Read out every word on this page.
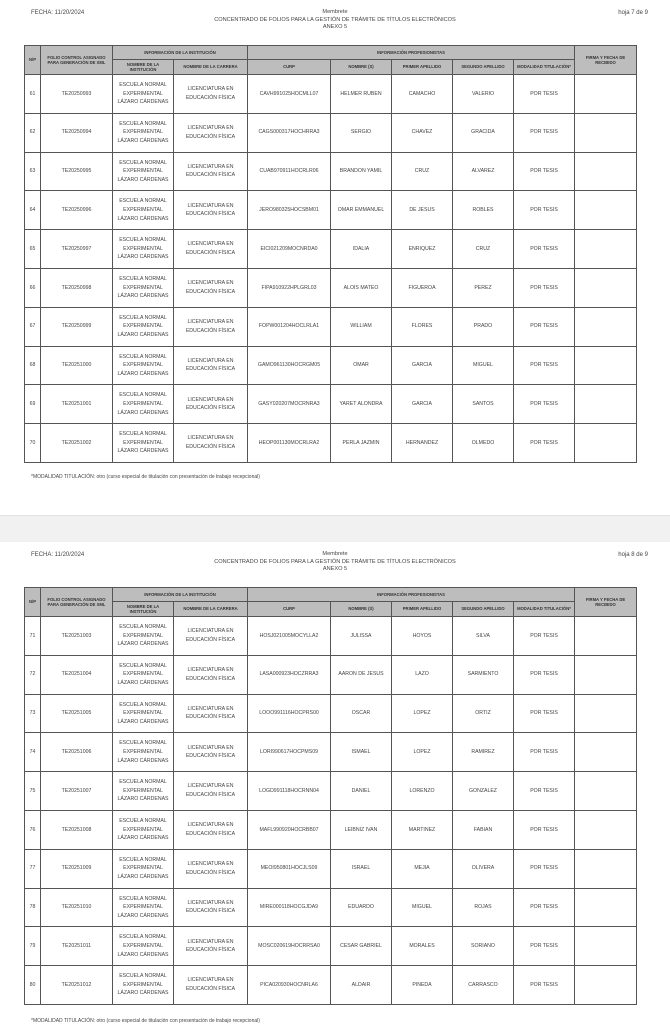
FECHA: 11/20/2024	Membrete
CONCENTRADO DE FOLIOS PARA LA GESTIÓN DE TRÁMITE DE TÍTULOS ELECTRÓNICOS
ANEXO 5
hoja 7 de 9
N/P	FOLIO CONTROL ASIGNADO PARA GENERACIÓN DE XML	INFORMACIÓN DE LA INSTITUCIÓN		INFORMACIÓN PROFESIONISTAS					FIRMA Y FECHA DE RECIBIDO
		NOMBRE DE LA INSTITUCIÓN	NOMBRE DE LA CARRERA	CURP	NOMBRE (S)	PRIMER APELLIDO	SEGUNDO APELLIDO	MODALIDAD TITULACIÓN*	
61	TE20250993	ESCUELA NORMAL EXPERIMENTAL LÁZARO CÁRDENAS	LICENCIATURA EN EDUCACIÓN FÍSICA	CAVH991025HOCMLL07	HELMER RUBEN	CAMACHO	VALERIO	POR TESIS	
62	TE20250994	ESCUELA NORMAL EXPERIMENTAL LÁZARO CÁRDENAS	LICENCIATURA EN EDUCACIÓN FÍSICA	CAGS000317HOCHRRA3	SERGIO	CHAVEZ	GRACIDA	POR TESIS	
63	TE20250995	ESCUELA NORMAL EXPERIMENTAL LÁZARO CÁRDENAS	LICENCIATURA EN EDUCACIÓN FÍSICA	CUAB970911HOCRLR06	BRANDON YAMIL	CRUZ	ALVAREZ	POR TESIS	
64	TE20250996	ESCUELA NORMAL EXPERIMENTAL LÁZARO CÁRDENAS	LICENCIATURA EN EDUCACIÓN FÍSICA	JERO980325HOCSBM01	OMAR EMMANUEL	DE JESUS	ROBLES	POR TESIS	
65	TE20250997	ESCUELA NORMAL EXPERIMENTAL LÁZARO CÁRDENAS	LICENCIATURA EN EDUCACIÓN FÍSICA	EICI021209MOCNRDA0	IDALIA	ENRIQUEZ	CRUZ	POR TESIS	
66	TE20250998	ESCUELA NORMAL EXPERIMENTAL LÁZARO CÁRDENAS	LICENCIATURA EN EDUCACIÓN FÍSICA	FIPA910922HPLGRL03	ALOIS MATEO	FIGUEROA	PEREZ	POR TESIS	
67	TE20250999	ESCUELA NORMAL EXPERIMENTAL LÁZARO CÁRDENAS	LICENCIATURA EN EDUCACIÓN FÍSICA	FOPW001204HOCLRLA1	WILLIAM	FLORES	PRADO	POR TESIS	
68	TE20251000	ESCUELA NORMAL EXPERIMENTAL LÁZARO CÁRDENAS	LICENCIATURA EN EDUCACIÓN FÍSICA	GAMO961130HOCRGM05	OMAR	GARCIA	MIGUEL	POR TESIS	
69	TE20251001	ESCUELA NORMAL EXPERIMENTAL LÁZARO CÁRDENAS	LICENCIATURA EN EDUCACIÓN FÍSICA	GASY020207MOCRNRA3	YARET ALONDRA	GARCIA	SANTOS	POR TESIS	
70	TE20251002	ESCUELA NORMAL EXPERIMENTAL LÁZARO CÁRDENAS	LICENCIATURA EN EDUCACIÓN FÍSICA	HEOP001130MOCRLRA2	PERLA JAZMIN	HERNANDEZ	OLMEDO	POR TESIS	
*MODALIDAD TITULACIÓN: otro (curso especial de titulación con presentación de trabajo recepcional)
FECHA: 11/20/2024	Membrete
CONCENTRADO DE FOLIOS PARA LA GESTIÓN DE TRÁMITE DE TÍTULOS ELECTRÓNICOS
ANEXO 5
hoja 8 de 9
N/P	FOLIO CONTROL ASIGNADO PARA GENERACIÓN DE XML	INFORMACIÓN DE LA INSTITUCIÓN		INFORMACIÓN PROFESIONISTAS					FIRMA Y FECHA DE RECIBIDO
		NOMBRE DE LA INSTITUCIÓN	NOMBRE DE LA CARRERA	CURP	NOMBRE (S)	PRIMER APELLIDO	SEGUNDO APELLIDO	MODALIDAD TITULACIÓN*	
71	TE20251003	ESCUELA NORMAL EXPERIMENTAL LÁZARO CÁRDENAS	LICENCIATURA EN EDUCACIÓN FÍSICA	HOSJ021005MOCYLLA2	JULISSA	HOYOS	SILVA	POR TESIS	
72	TE20251004	ESCUELA NORMAL EXPERIMENTAL LÁZARO CÁRDENAS	LICENCIATURA EN EDUCACIÓN FÍSICA	LASA000923HOCZRRA3	AARON DE JESUS	LAZO	SARMIENTO	POR TESIS	
73	TE20251005	ESCUELA NORMAL EXPERIMENTAL LÁZARO CÁRDENAS	LICENCIATURA EN EDUCACIÓN FÍSICA	LOOO991116HOCPRS00	OSCAR	LOPEZ	ORTIZ	POR TESIS	
74	TE20251006	ESCUELA NORMAL EXPERIMENTAL LÁZARO CÁRDENAS	LICENCIATURA EN EDUCACIÓN FÍSICA	LORI990617HOCPMS09	ISMAEL	LOPEZ	RAMIREZ	POR TESIS	
75	TE20251007	ESCUELA NORMAL EXPERIMENTAL LÁZARO CÁRDENAS	LICENCIATURA EN EDUCACIÓN FÍSICA	LOGD991118HOCRNN04	DANIEL	LORENZO	GONZALEZ	POR TESIS	
76	TE20251008	ESCUELA NORMAL EXPERIMENTAL LÁZARO CÁRDENAS	LICENCIATURA EN EDUCACIÓN FÍSICA	MAFL990920HOCRBB07	LEIBNIZ IVAN	MARTINEZ	FABIAN	POR TESIS	
77	TE20251009	ESCUELA NORMAL EXPERIMENTAL LÁZARO CÁRDENAS	LICENCIATURA EN EDUCACIÓN FÍSICA	MEOI950801HOCJLS09	ISRAEL	MEJIA	OLIVERA	POR TESIS	
78	TE20251010	ESCUELA NORMAL EXPERIMENTAL LÁZARO CÁRDENAS	LICENCIATURA EN EDUCACIÓN FÍSICA	MIRE000118HOCGJDA9	EDUARDO	MIGUEL	ROJAS	POR TESIS	
79	TE20251011	ESCUELA NORMAL EXPERIMENTAL LÁZARO CÁRDENAS	LICENCIATURA EN EDUCACIÓN FÍSICA	MOSC020619HOCRRSA0	CESAR GABRIEL	MORALES	SORIANO	POR TESIS	
80	TE20251012	ESCUELA NORMAL EXPERIMENTAL LÁZARO CÁRDENAS	LICENCIATURA EN EDUCACIÓN FÍSICA	PICA020930HOCNRLA6	ALDAIR	PINEDA	CARRASCO	POR TESIS	
*MODALIDAD TITULACIÓN: otro (curso especial de titulación con presentación de trabajo recepcional)
